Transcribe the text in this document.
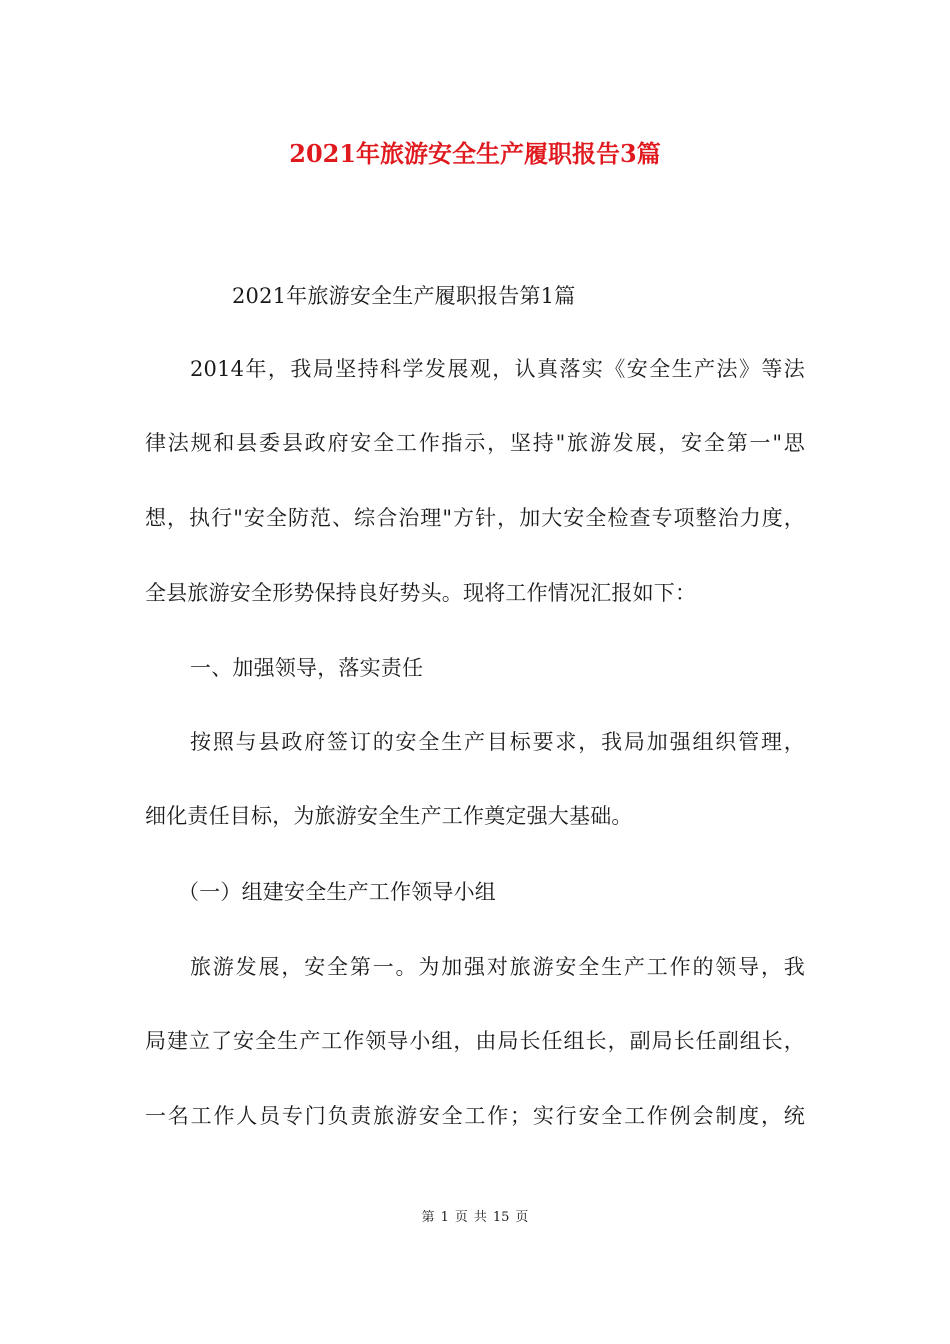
2021年旅游安全生产履职报告3篇
2021年旅游安全生产履职报告第1篇
2014年，我局坚持科学发展观，认真落实《安全生产法》等法
律法规和县委县政府安全工作指示，坚持"旅游发展，安全第一"思
想，执行"安全防范、综合治理"方针，加大安全检查专项整治力度，
全县旅游安全形势保持良好势头。现将工作情况汇报如下：
一、加强领导，落实责任
按照与县政府签订的安全生产目标要求，我局加强组织管理，
细化责任目标，为旅游安全生产工作奠定强大基础。
（一）组建安全生产工作领导小组
旅游发展，安全第一。为加强对旅游安全生产工作的领导，我
局建立了安全生产工作领导小组，由局长任组长，副局长任副组长，
一名工作人员专门负责旅游安全工作；实行安全工作例会制度，统
第 1 页 共 15 页
